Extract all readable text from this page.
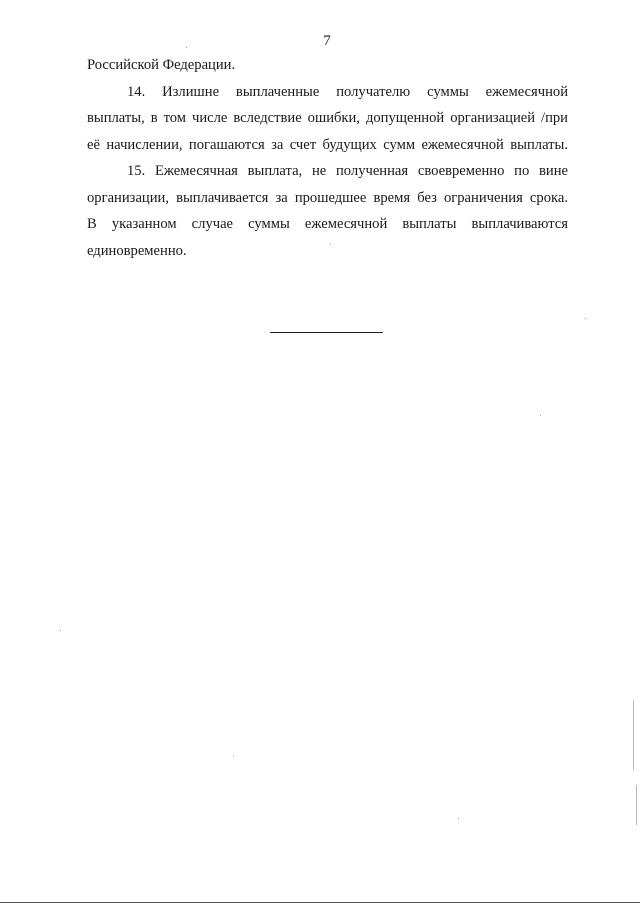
7
Российской Федерации.
14. Излишне выплаченные получателю суммы ежемесячной
выплаты, в том числе вследствие ошибки, допущенной организацией /при
её начислении, погашаются за счет будущих сумм ежемесячной выплаты.
15. Ежемесячная выплата, не полученная своевременно по вине
организации, выплачивается за прошедшее время без ограничения срока.
В указанном случае суммы ежемесячной выплаты выплачиваются
единовременно.
